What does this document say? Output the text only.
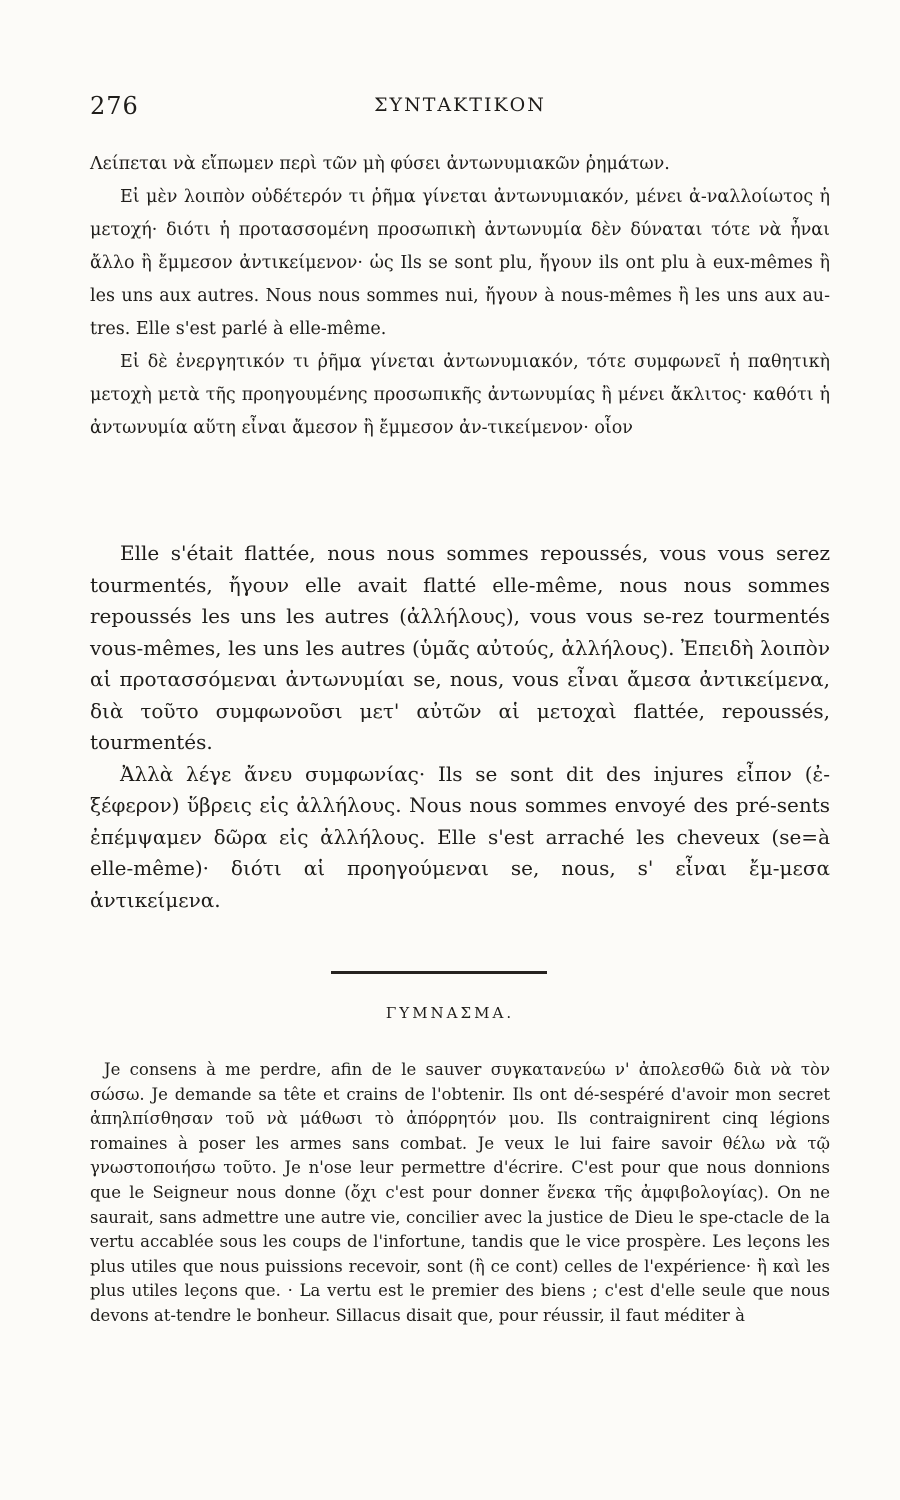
276	ΣΥΝΤΑΚΤΙΚΟΝ

Λείπεται νὰ εἴπωμεν περὶ τῶν μὴ φύσει ἀντωνυμιακῶν ῥημάτων.

Εἰ μὲν λοιπὸν οὐδέτερόν τι ῥῆμα γίνεται ἀντωνυμιακόν, μένει ἀ-ναλλοίωτος ἡ μετοχή· διότι ἡ προτασσομένη προσωπικὴ ἀντωνυμία δὲν δύναται τότε νὰ ἦναι ἄλλο ἢ ἔμμεσον ἀντικείμενον· ὡς Ils se sont plu, ἤγουν ils ont plu à eux-mêmes ἢ les uns aux autres. Nous nous sommes nui, ἤγουν à nous-mêmes ἢ les uns aux au-tres. Elle s'est parlé à elle-même.

Εἰ δὲ ἐνεργητικόν τι ῥῆμα γίνεται ἀντωνυμιακόν, τότε συμφωνεῖ ἡ παθητικὴ μετοχὴ μετὰ τῆς προηγουμένης προσωπικῆς ἀντωνυμίας ἢ μένει ἄκλιτος· καθότι ἡ ἀντωνυμία αὕτη εἶναι ἄμεσον ἢ ἔμμεσον ἀν-τικείμενον· οἷον

Elle s'était flattée, nous nous sommes repoussés, vous vous serez tourmentés, ἤγουν elle avait flatté elle-même, nous nous sommes repoussés les uns les autres (ἀλλήλους), vous vous se-rez tourmentés vous-mêmes, les uns les autres (ὑμᾶς αὐτούς, ἀλλήλους). Ἐπειδὴ λοιπὸν αἱ προτασσόμεναι ἀντωνυμίαι se, nous, vous εἶναι ἄμεσα ἀντικείμενα, διὰ τοῦτο συμφωνοῦσι μετ' αὐτῶν αἱ μετοχαὶ flattée, repoussés, tourmentés.

Ἀλλὰ λέγε ἄνευ συμφωνίας· Ils se sont dit des injures εἶπον (ἐ-ξέφερον) ὕβρεις εἰς ἀλλήλους. Nous nous sommes envoyé des pré-sents ἐπέμψαμεν δῶρα εἰς ἀλλήλους. Elle s'est arraché les cheveux (se=à elle-même)· διότι αἱ προηγούμεναι se, nous, s' εἶναι ἔμ-μεσα ἀντικείμενα.

ΓΥΜΝΑΣΜΑ.

Je consens à me perdre, afin de le sauver συγκατανεύω ν' ἀπολεσθῶ διὰ νὰ τὸν σώσω. Je demande sa tête et crains de l'obtenir. Ils ont dé-sespéré d'avoir mon secret ἀπηλπίσθησαν τοῦ νὰ μάθωσι τὸ ἀπόρρητόν μου. Ils contraignirent cinq légions romaines à poser les armes sans combat. Je veux le lui faire savoir θέλω νὰ τῷ γνωστοποιήσω τοῦτο. Je n'ose leur permettre d'écrire. C'est pour que nous donnions que le Seigneur nous donne (ὄχι c'est pour donner ἕνεκα τῆς ἀμφιβολογίας). On ne saurait, sans admettre une autre vie, concilier avec la justice de Dieu le spe-ctacle de la vertu accablée sous les coups de l'infortune, tandis que le vice prospère. Les leçons les plus utiles que nous puissions recevoir, sont (ἢ ce cont) celles de l'expérience· ἢ καὶ les plus utiles leçons que. · La vertu est le premier des biens ; c'est d'elle seule que nous devons at-tendre le bonheur. Sillacus disait que, pour réussir, il faut méditer à
